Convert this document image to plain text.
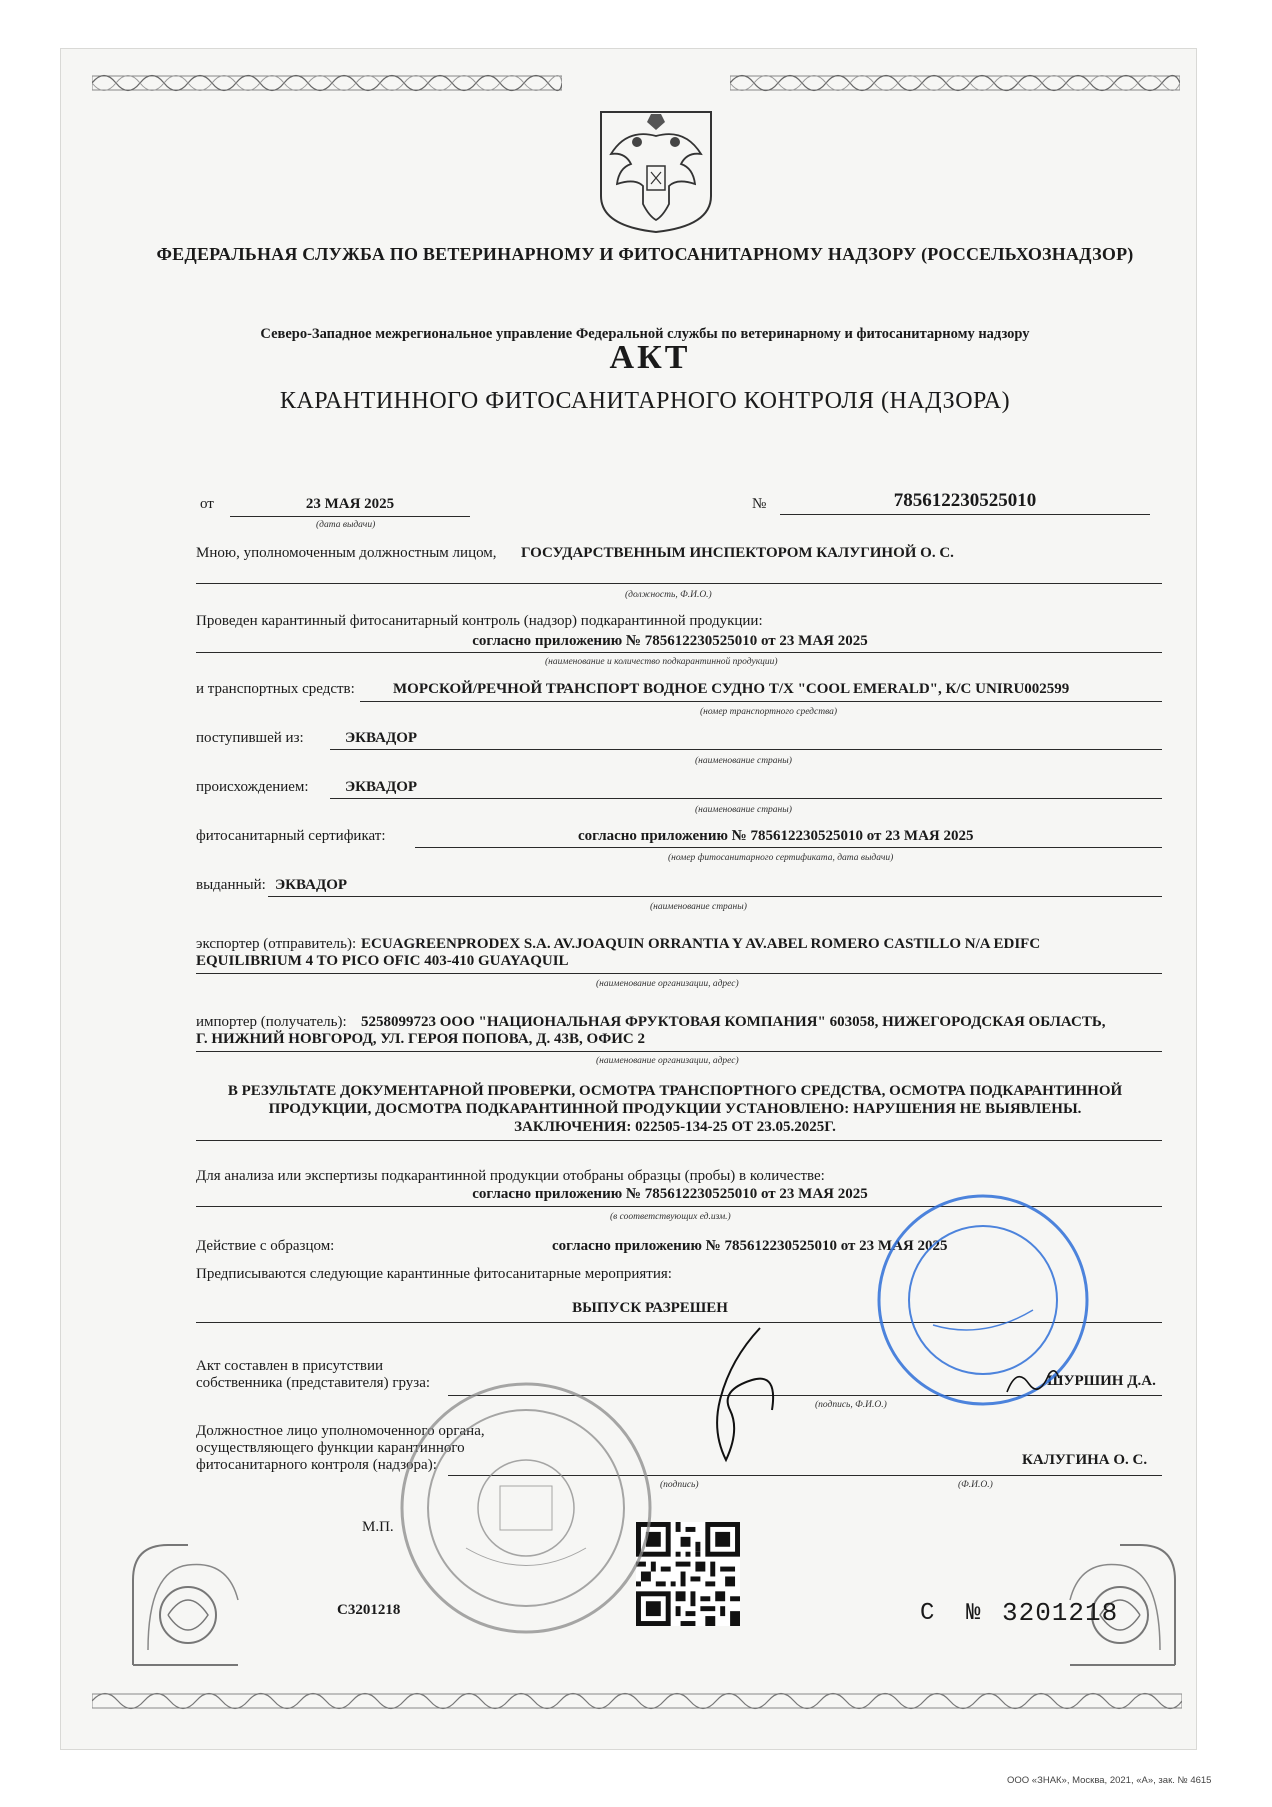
ФЕДЕРАЛЬНАЯ СЛУЖБА ПО ВЕТЕРИНАРНОМУ И ФИТОСАНИТАРНОМУ НАДЗОРУ (РОССЕЛЬХОЗНАДЗОР)
Северо-Западное межрегиональное управление Федеральной службы по ветеринарному и фитосанитарному надзору
АКТ
КАРАНТИННОГО ФИТОСАНИТАРНОГО КОНТРОЛЯ (НАДЗОРА)
от	23 МАЯ 2025
(дата выдачи)
№	785612230525010
Мною, уполномоченным должностным лицом, ГОСУДАРСТВЕННЫМ ИНСПЕКТОРОМ КАЛУГИНОЙ О. С.
(должность, Ф.И.О.)
Проведен карантинный фитосанитарный контроль (надзор) подкарантинной продукции:
согласно приложению № 785612230525010 от 23 МАЯ 2025
(наименование и количество подкарантинной продукции)
и транспортных средств:	МОРСКОЙ/РЕЧНОЙ ТРАНСПОРТ ВОДНОЕ СУДНО Т/Х "COOL EMERALD", К/С UNIRU002599
(номер транспортного средства)
поступившей из:	ЭКВАДОР
(наименование страны)
происхождением: ЭКВАДОР
(наименование страны)
фитосанитарный сертификат:	согласно приложению № 785612230525010 от 23 МАЯ 2025
(номер фитосанитарного сертификата, дата выдачи)
выданный: ЭКВАДОР
(наименование страны)
экспортер (отправитель): ECUAGREENPRODEX S.A. AV.JOAQUIN ORRANTIA Y AV.ABEL ROMERO CASTILLO N/A EDIFC
EQUILIBRIUM 4 TO PICO OFIC 403-410 GUAYAQUIL
(наименование организации, адрес)
импортер (получатель): 5258099723 ООО "НАЦИОНАЛЬНАЯ ФРУКТОВАЯ КОМПАНИЯ" 603058, НИЖЕГОРОДСКАЯ ОБЛАСТЬ,
Г. НИЖНИЙ НОВГОРОД, УЛ. ГЕРОЯ ПОПОВА, Д. 43В, ОФИС 2
(наименование организации, адрес)
В РЕЗУЛЬТАТЕ ДОКУМЕНТАРНОЙ ПРОВЕРКИ, ОСМОТРА ТРАНСПОРТНОГО СРЕДСТВА, ОСМОТРА ПОДКАРАНТИННОЙ
ПРОДУКЦИИ, ДОСМОТРА ПОДКАРАНТИННОЙ ПРОДУКЦИИ УСТАНОВЛЕНО: НАРУШЕНИЯ НЕ ВЫЯВЛЕНЫ.
ЗАКЛЮЧЕНИЯ: 022505-134-25 ОТ 23.05.2025Г.
Для анализа или экспертизы подкарантинной продукции отобраны образцы (пробы) в количестве:
согласно приложению № 785612230525010 от 23 МАЯ 2025
(в соответствующих ед.изм.)
Действие с образцом:	согласно приложению № 785612230525010 от 23 МАЯ 2025
Предписываются следующие карантинные фитосанитарные мероприятия:
ВЫПУСК РАЗРЕШЕН
Акт составлен в присутствии
собственника (представителя) груза:	ШУРШИН Д.А.
(подпись, Ф.И.О.)
Должностное лицо уполномоченного органа,
осуществляющего функции карантинного
фитосанитарного контроля (надзора):	КАЛУГИНА О. С.
(подпись)	(Ф.И.О.)
М.П.
С3201218	С № 3201218
ООО «ЗНАК», Москва, 2021, «А», зак. № 4615
